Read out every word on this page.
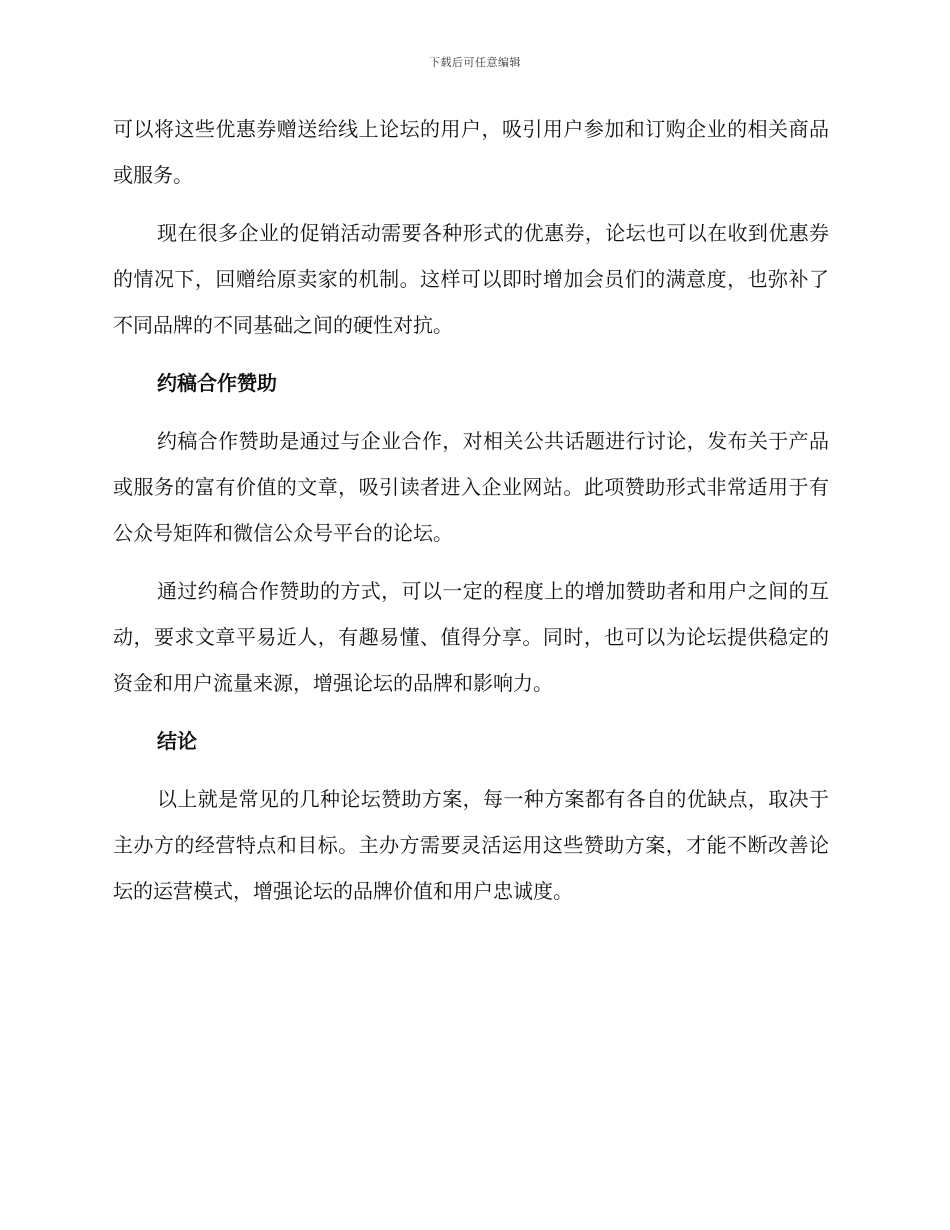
下载后可任意编辑

可以将这些优惠券赠送给线上论坛的用户，吸引用户参加和订购企业的相关商品或服务。

现在很多企业的促销活动需要各种形式的优惠券，论坛也可以在收到优惠券的情况下，回赠给原卖家的机制。这样可以即时增加会员们的满意度，也弥补了不同品牌的不同基础之间的硬性对抗。

约稿合作赞助

约稿合作赞助是通过与企业合作，对相关公共话题进行讨论，发布关于产品或服务的富有价值的文章，吸引读者进入企业网站。此项赞助形式非常适用于有公众号矩阵和微信公众号平台的论坛。

通过约稿合作赞助的方式，可以一定的程度上的增加赞助者和用户之间的互动，要求文章平易近人，有趣易懂、值得分享。同时，也可以为论坛提供稳定的资金和用户流量来源，增强论坛的品牌和影响力。

结论

以上就是常见的几种论坛赞助方案，每一种方案都有各自的优缺点，取决于主办方的经营特点和目标。主办方需要灵活运用这些赞助方案，才能不断改善论坛的运营模式，增强论坛的品牌价值和用户忠诚度。
